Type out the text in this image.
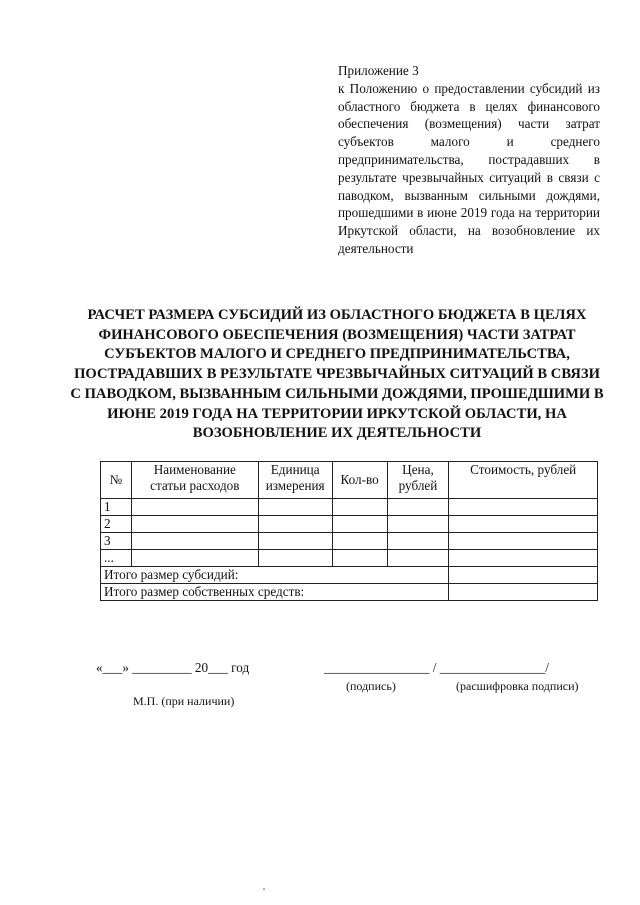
Приложение 3
к Положению о предоставлении субсидий из областного бюджета в целях финансового обеспечения (возмещения) части затрат субъектов малого и среднего предпринимательства, пострадавших в результате чрезвычайных ситуаций в связи с паводком, вызванным сильными дождями, прошедшими в июне 2019 года на территории Иркутской области, на возобновление их деятельности
РАСЧЕТ РАЗМЕРА СУБСИДИЙ ИЗ ОБЛАСТНОГО БЮДЖЕТА В ЦЕЛЯХ ФИНАНСОВОГО ОБЕСПЕЧЕНИЯ (ВОЗМЕЩЕНИЯ) ЧАСТИ ЗАТРАТ СУБЪЕКТОВ МАЛОГО И СРЕДНЕГО ПРЕДПРИНИМАТЕЛЬСТВА, ПОСТРАДАВШИХ В РЕЗУЛЬТАТЕ ЧРЕЗВЫЧАЙНЫХ СИТУАЦИЙ В СВЯЗИ С ПАВОДКОМ, ВЫЗВАННЫМ СИЛЬНЫМИ ДОЖДЯМИ, ПРОШЕДШИМИ В ИЮНЕ 2019 ГОДА НА ТЕРРИТОРИИ ИРКУТСКОЙ ОБЛАСТИ, НА ВОЗОБНОВЛЕНИЕ ИХ ДЕЯТЕЛЬНОСТИ
№	Наименование статьи расходов	Единица измерения	Кол-во	Цена, рублей	Стоимость, рублей
1					
2					
3					
...					
Итого размер субсидий:					
Итого размер собственных средств:					
«___» _________ 20___ год	________________ / ________________/
(подпись)	(расшифровка подписи)
М.П. (при наличии)
